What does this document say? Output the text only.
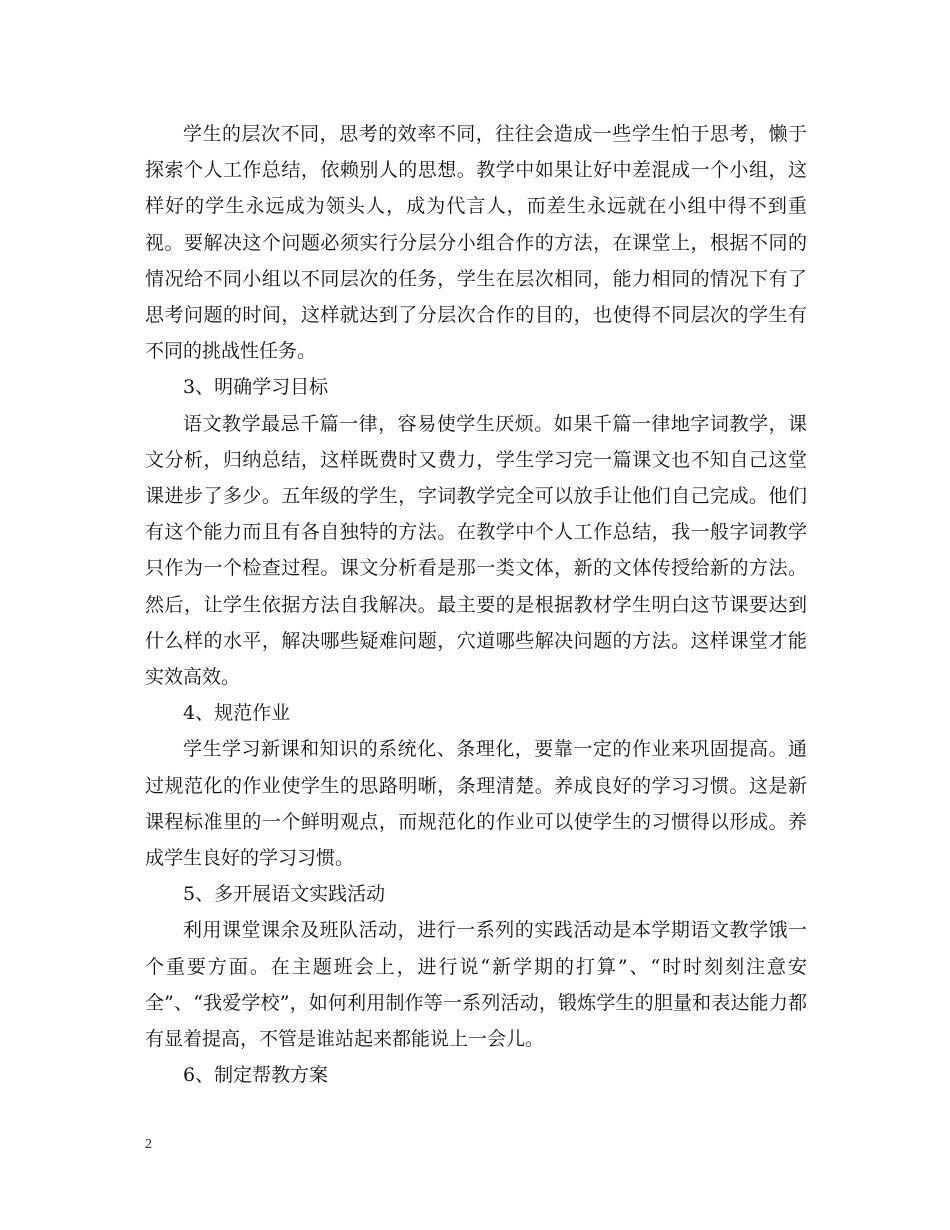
学生的层次不同，思考的效率不同，往往会造成一些学生怕于思考，懒于探索个人工作总结，依赖别人的思想。教学中如果让好中差混成一个小组，这样好的学生永远成为领头人，成为代言人，而差生永远就在小组中得不到重视。要解决这个问题必须实行分层分小组合作的方法，在课堂上，根据不同的情况给不同小组以不同层次的任务，学生在层次相同，能力相同的情况下有了思考问题的时间，这样就达到了分层次合作的目的，也使得不同层次的学生有不同的挑战性任务。

3、明确学习目标

语文教学最忌千篇一律，容易使学生厌烦。如果千篇一律地字词教学，课文分析，归纳总结，这样既费时又费力，学生学习完一篇课文也不知自己这堂课进步了多少。五年级的学生，字词教学完全可以放手让他们自己完成。他们有这个能力而且有各自独特的方法。在教学中个人工作总结，我一般字词教学只作为一个检查过程。课文分析看是那一类文体，新的文体传授给新的方法。然后，让学生依据方法自我解决。最主要的是根据教材学生明白这节课要达到什么样的水平，解决哪些疑难问题，穴道哪些解决问题的方法。这样课堂才能实效高效。

4、规范作业

学生学习新课和知识的系统化、条理化，要靠一定的作业来巩固提高。通过规范化的作业使学生的思路明晰，条理清楚。养成良好的学习习惯。这是新课程标准里的一个鲜明观点，而规范化的作业可以使学生的习惯得以形成。养成学生良好的学习习惯。

5、多开展语文实践活动

利用课堂课余及班队活动，进行一系列的实践活动是本学期语文教学饿一个重要方面。在主题班会上，进行说“新学期的打算”、“时时刻刻注意安全”、“我爱学校”，如何利用制作等一系列活动，锻炼学生的胆量和表达能力都有显着提高，不管是谁站起来都能说上一会儿。

6、制定帮教方案

2
